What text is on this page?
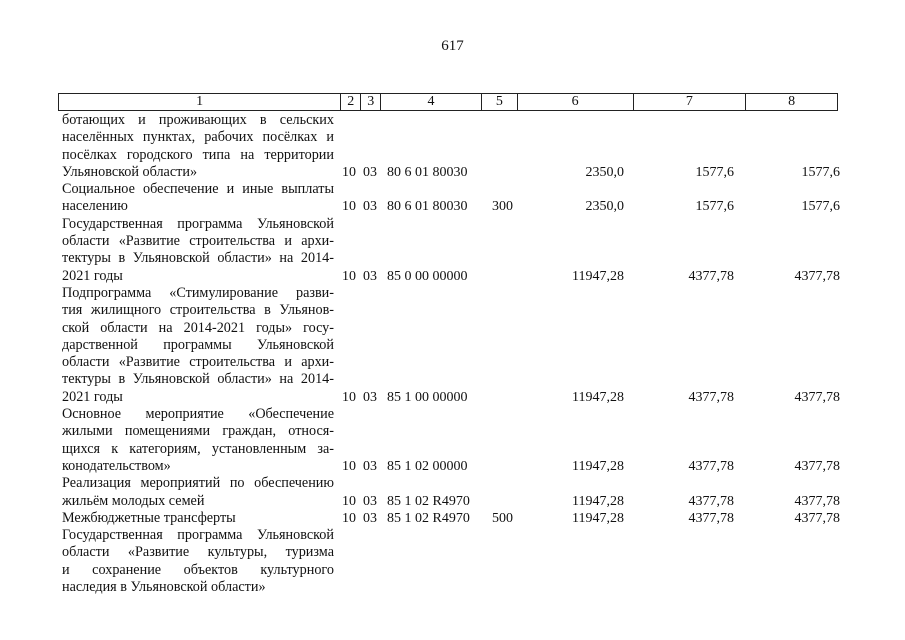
617
1	2 3	4	5	6	7	8
ботающих и проживающих в сельских
населённых пунктах, рабочих посёлках и
посёлках городского типа на территории
Ульяновской области»	10 03 80 6 01 80030	2350,0	1577,6	1577,6
Социальное обеспечение и иные выплаты
населению	10 03 80 6 01 80030 300	2350,0	1577,6	1577,6
Государственная программа Ульяновской
области «Развитие строительства и архи-
тектуры в Ульяновской области» на 2014-
2021 годы	10 03 85 0 00 00000	11947,28	4377,78	4377,78
Подпрограмма «Стимулирование разви-
тия жилищного строительства в Ульянов-
ской области на 2014-2021 годы» госу-
дарственной программы Ульяновской
области «Развитие строительства и архи-
тектуры в Ульяновской области» на 2014-
2021 годы	10 03 85 1 00 00000	11947,28	4377,78	4377,78
Основное мероприятие «Обеспечение
жилыми помещениями граждан, относя-
щихся к категориям, установленным за-
конодательством»	10 03 85 1 02 00000	11947,28	4377,78	4377,78
Реализация мероприятий по обеспечению
жильём молодых семей	10 03 85 1 02 R4970	11947,28	4377,78	4377,78
Межбюджетные трансферты	10 03 85 1 02 R4970 500	11947,28	4377,78	4377,78
Государственная программа Ульяновской
области «Развитие культуры, туризма
и сохранение объектов культурного
наследия в Ульяновской области»
